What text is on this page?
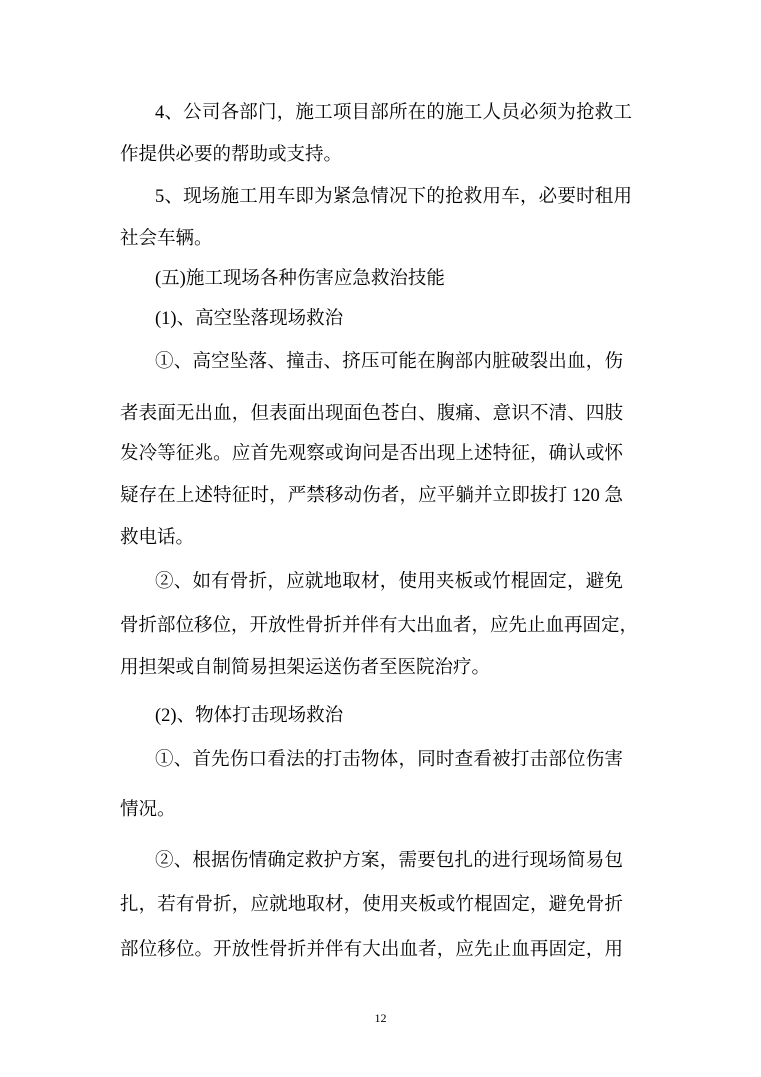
4、公司各部门，施工项目部所在的施工人员必须为抢救工
作提供必要的帮助或支持。
5、现场施工用车即为紧急情况下的抢救用车，必要时租用
社会车辆。
(五)施工现场各种伤害应急救治技能
(1)、高空坠落现场救治
①、高空坠落、撞击、挤压可能在胸部内脏破裂出血，伤
者表面无出血，但表面出现面色苍白、腹痛、意识不清、四肢
发冷等征兆。应首先观察或询问是否出现上述特征，确认或怀
疑存在上述特征时，严禁移动伤者，应平躺并立即拔打 120 急
救电话。
②、如有骨折，应就地取材，使用夹板或竹棍固定，避免
骨折部位移位，开放性骨折并伴有大出血者，应先止血再固定，
用担架或自制简易担架运送伤者至医院治疗。
(2)、物体打击现场救治
①、首先伤口看法的打击物体，同时查看被打击部位伤害
情况。
②、根据伤情确定救护方案，需要包扎的进行现场简易包
扎，若有骨折，应就地取材，使用夹板或竹棍固定，避免骨折
部位移位。开放性骨折并伴有大出血者，应先止血再固定，用
12
